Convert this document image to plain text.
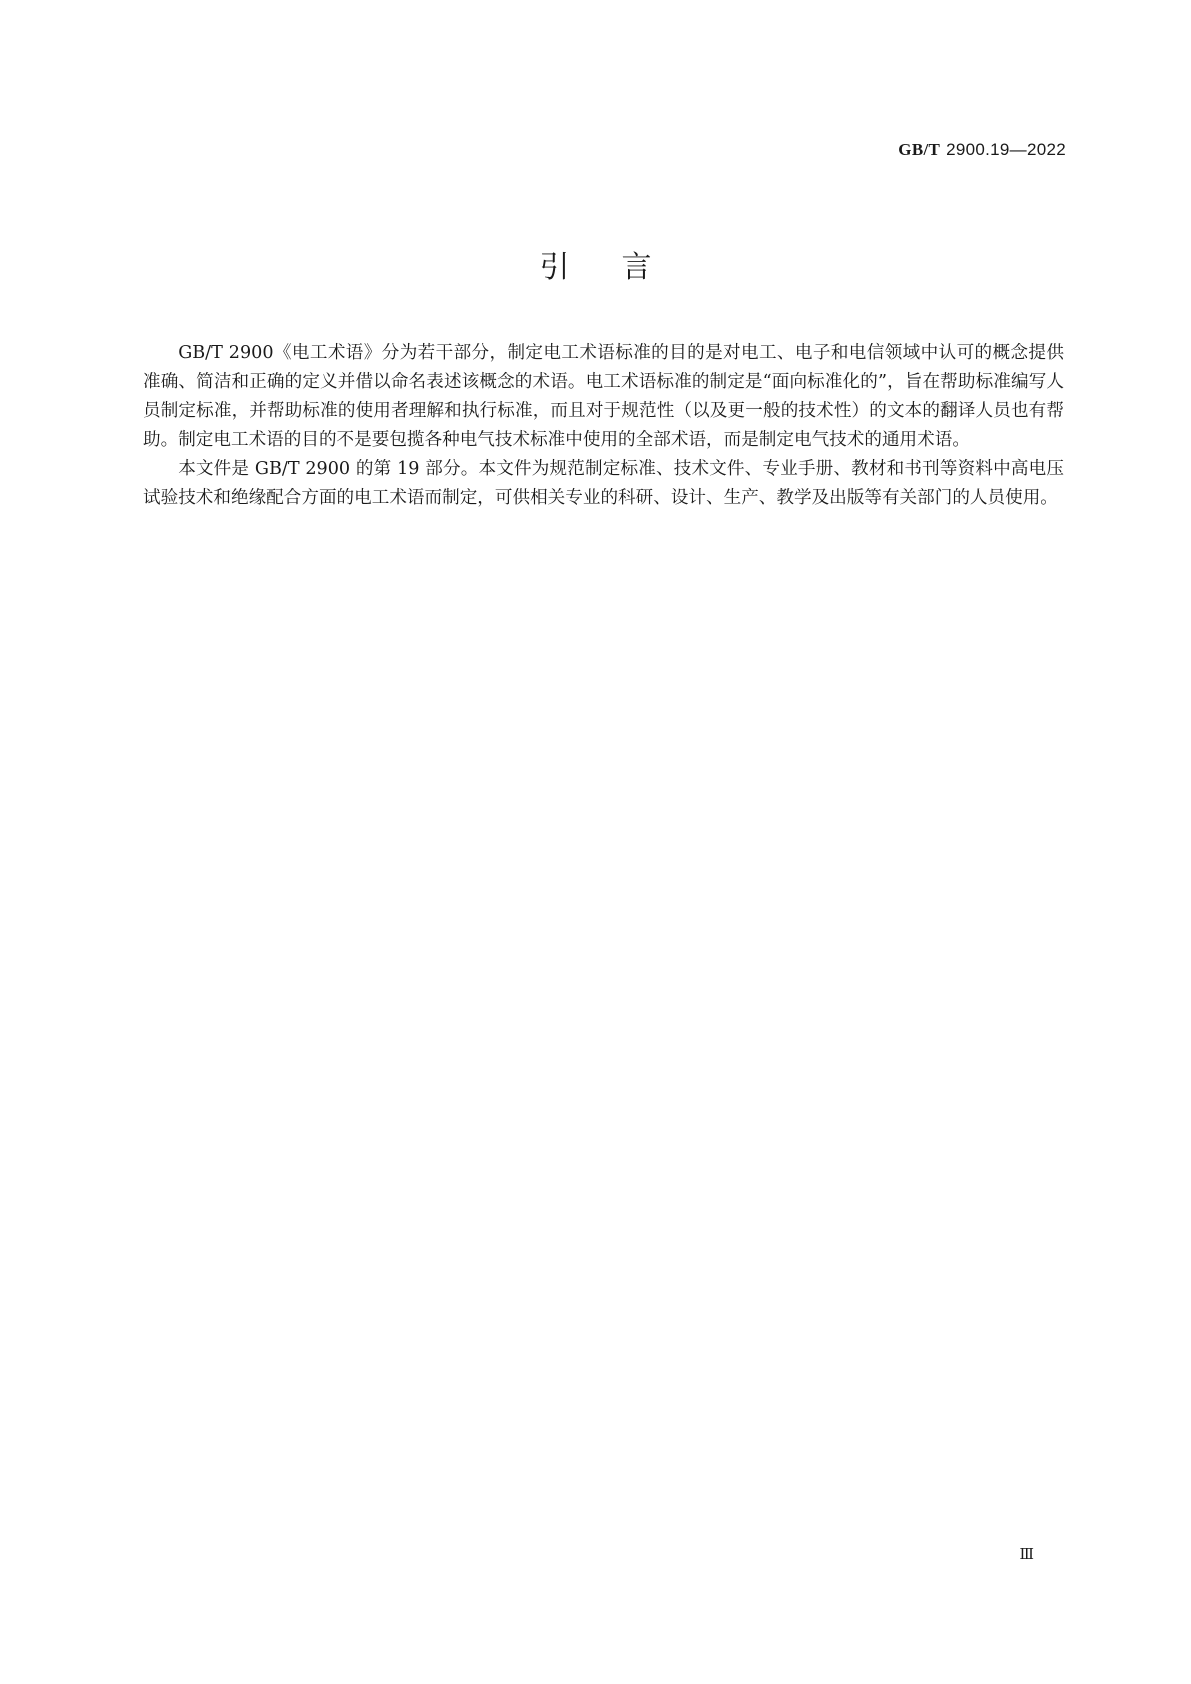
GB/T 2900.19—2022
引言

GB/T 2900《电工术语》分为若干部分，制定电工术语标准的目的是对电工、电子和电信领域中认可的概念提供准确、简洁和正确的定义并借以命名表述该概念的术语。电工术语标准的制定是“面向标准化的”，旨在帮助标准编写人员制定标准，并帮助标准的使用者理解和执行标准，而且对于规范性（以及更一般的技术性）的文本的翻译人员也有帮助。制定电工术语的目的不是要包揽各种电气技术标准中使用的全部术语，而是制定电气技术的通用术语。

本文件是 GB/T 2900 的第 19 部分。本文件为规范制定标准、技术文件、专业手册、教材和书刊等资料中高电压试验技术和绝缘配合方面的电工术语而制定，可供相关专业的科研、设计、生产、教学及出版等有关部门的人员使用。

Ⅲ
